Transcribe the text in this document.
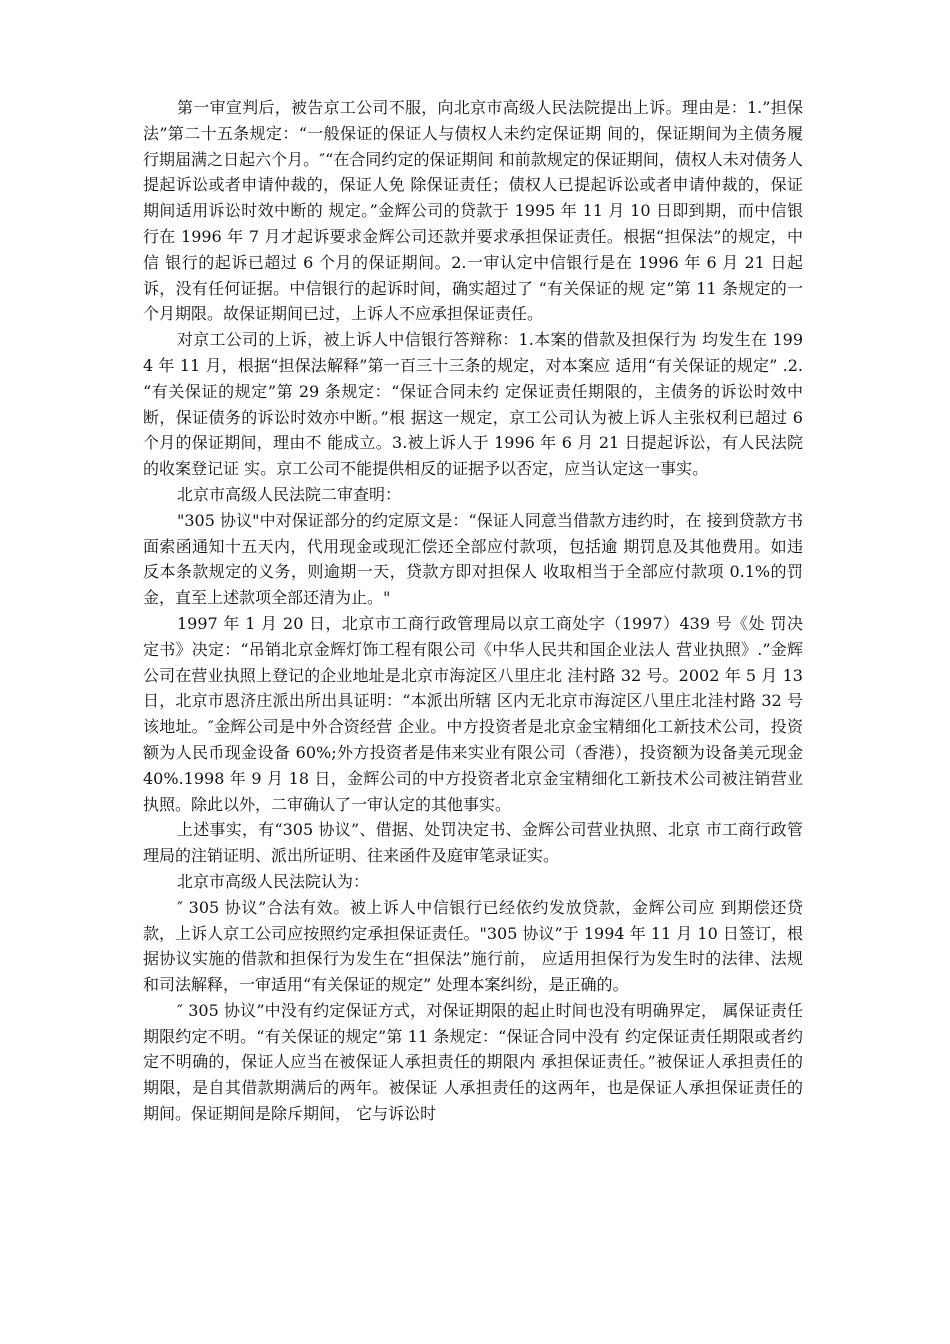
第一审宣判后，被告京工公司不服，向北京市高级人民法院提出上诉。理由是：1.”担保法”第二十五条规定：“一般保证的保证人与债权人未约定保证期 间的，保证期间为主债务履行期届满之日起六个月。″“在合同约定的保证期间 和前款规定的保证期间，债权人未对债务人提起诉讼或者申请仲裁的，保证人免 除保证责任；债权人已提起诉讼或者申请仲裁的，保证期间适用诉讼时效中断的 规定。”金辉公司的贷款于 1995 年 11 月 10 日即到期，而中信银行在 1996 年 7 月才起诉要求金辉公司还款并要求承担保证责任。根据“担保法”的规定，中信 银行的起诉已超过 6 个月的保证期间。2.一审认定中信银行是在 1996 年 6 月 21 日起诉，没有任何证据。中信银行的起诉时间，确实超过了 “有关保证的规 定”第 11 条规定的一个月期限。故保证期间已过，上诉人不应承担保证责任。

对京工公司的上诉，被上诉人中信银行答辩称：1.本案的借款及担保行为 均发生在 1994 年 11 月，根据“担保法解释”第一百三十三条的规定，对本案应 适用“有关保证的规定” .2. “有关保证的规定”第 29 条规定：“保证合同未约 定保证责任期限的，主债务的诉讼时效中断，保证债务的诉讼时效亦中断。”根 据这一规定，京工公司认为被上诉人主张权利已超过 6 个月的保证期间，理由不 能成立。3.被上诉人于 1996 年 6 月 21 日提起诉讼，有人民法院的收案登记证 实。京工公司不能提供相反的证据予以否定，应当认定这一事实。

北京市高级人民法院二审查明：

"305 协议"中对保证部分的约定原文是：“保证人同意当借款方违约时，在 接到贷款方书面索函通知十五天内，代用现金或现汇偿还全部应付款项，包括逾 期罚息及其他费用。如违反本条款规定的义务，则逾期一天，贷款方即对担保人 收取相当于全部应付款项 0.1%的罚金，直至上述款项全部还清为止。"

1997 年 1 月 20 日，北京市工商行政管理局以京工商处字（1997）439 号《处 罚决定书》决定：“吊销北京金辉灯饰工程有限公司《中华人民共和国企业法人 营业执照》.”金辉公司在营业执照上登记的企业地址是北京市海淀区八里庄北 洼村路 32 号。2002 年 5 月 13 日，北京市恩济庄派出所出具证明：“本派出所辖 区内无北京市海淀区八里庄北洼村路 32 号该地址。″金辉公司是中外合资经营 企业。中方投资者是北京金宝精细化工新技术公司，投资额为人民币现金设备 60%;外方投资者是伟来实业有限公司（香港），投资额为设备美元现金 40%.1998 年 9 月 18 日，金辉公司的中方投资者北京金宝精细化工新技术公司被注销营业 执照。除此以外，二审确认了一审认定的其他事实。

上述事实，有“305 协议”、借据、处罚决定书、金辉公司营业执照、北京 市工商行政管理局的注销证明、派出所证明、往来函件及庭审笔录证实。

北京市高级人民法院认为：

″ 305 协议”合法有效。被上诉人中信银行已经依约发放贷款，金辉公司应 到期偿还贷款，上诉人京工公司应按照约定承担保证责任。"305 协议”于 1994 年 11 月 10 日签订，根据协议实施的借款和担保行为发生在“担保法”施行前， 应适用担保行为发生时的法律、法规和司法解释，一审适用“有关保证的规定” 处理本案纠纷，是正确的。

″ 305 协议”中没有约定保证方式，对保证期限的起止时间也没有明确界定， 属保证责任期限约定不明。“有关保证的规定”第 11 条规定：“保证合同中没有 约定保证责任期限或者约定不明确的，保证人应当在被保证人承担责任的期限内 承担保证责任。”被保证人承担责任的期限，是自其借款期满后的两年。被保证 人承担责任的这两年，也是保证人承担保证责任的期间。保证期间是除斥期间， 它与诉讼时
